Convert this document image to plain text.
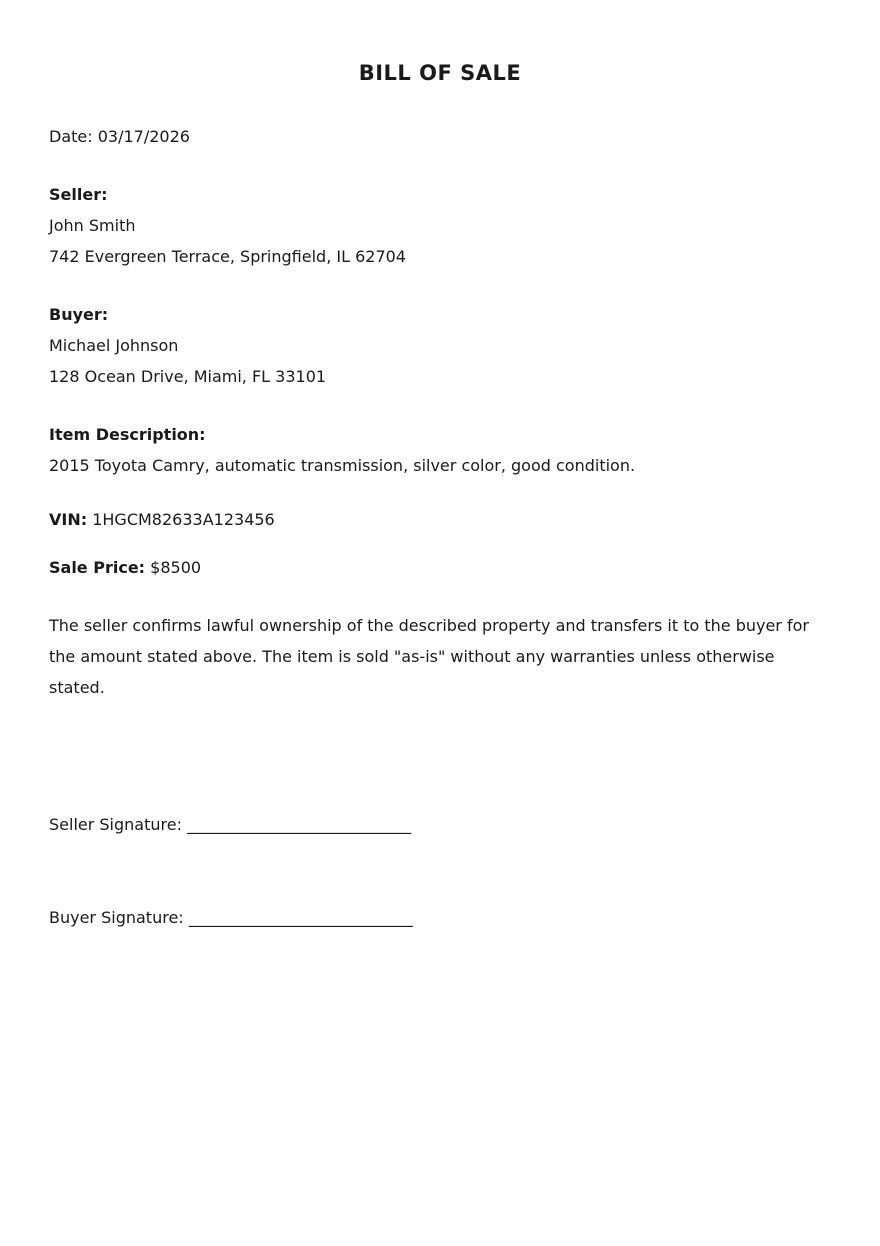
BILL OF SALE

Date: 03/17/2026

Seller:
John Smith
742 Evergreen Terrace, Springfield, IL 62704

Buyer:
Michael Johnson
128 Ocean Drive, Miami, FL 33101

Item Description:
2015 Toyota Camry, automatic transmission, silver color, good condition.

VIN: 1HGCM82633A123456

Sale Price: $8500

The seller confirms lawful ownership of the described property and transfers it to the buyer for the amount stated above. The item is sold "as-is" without any warranties unless otherwise stated.

Seller Signature: ____________________________

Buyer Signature: ____________________________
